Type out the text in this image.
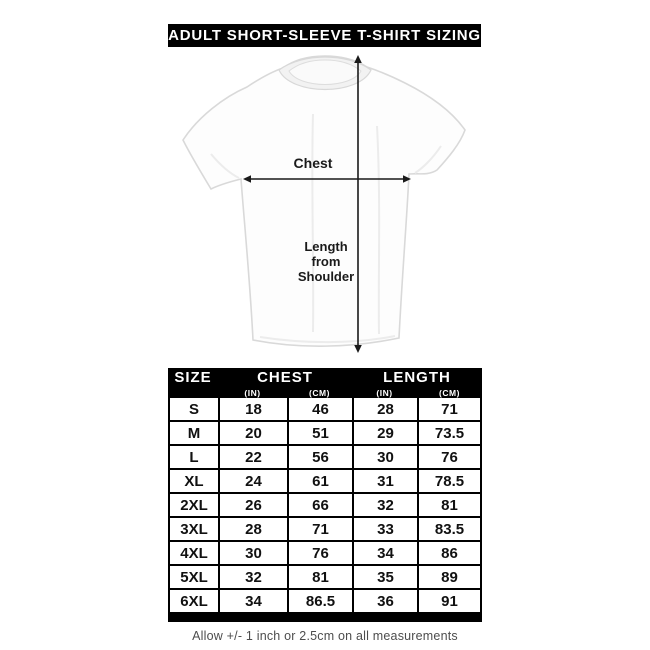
ADULT SHORT-SLEEVE T-SHIRT SIZING
Chest
Length
from
Shoulder
SIZE	CHEST	LENGTH
(IN)	(CM)	(IN)	(CM)
S	18	46	28	71
M	20	51	29	73.5
L	22	56	30	76
XL	24	61	31	78.5
2XL	26	66	32	81
3XL	28	71	33	83.5
4XL	30	76	34	86
5XL	32	81	35	89
6XL	34	86.5	36	91
Allow +/- 1 inch or 2.5cm on all measurements
